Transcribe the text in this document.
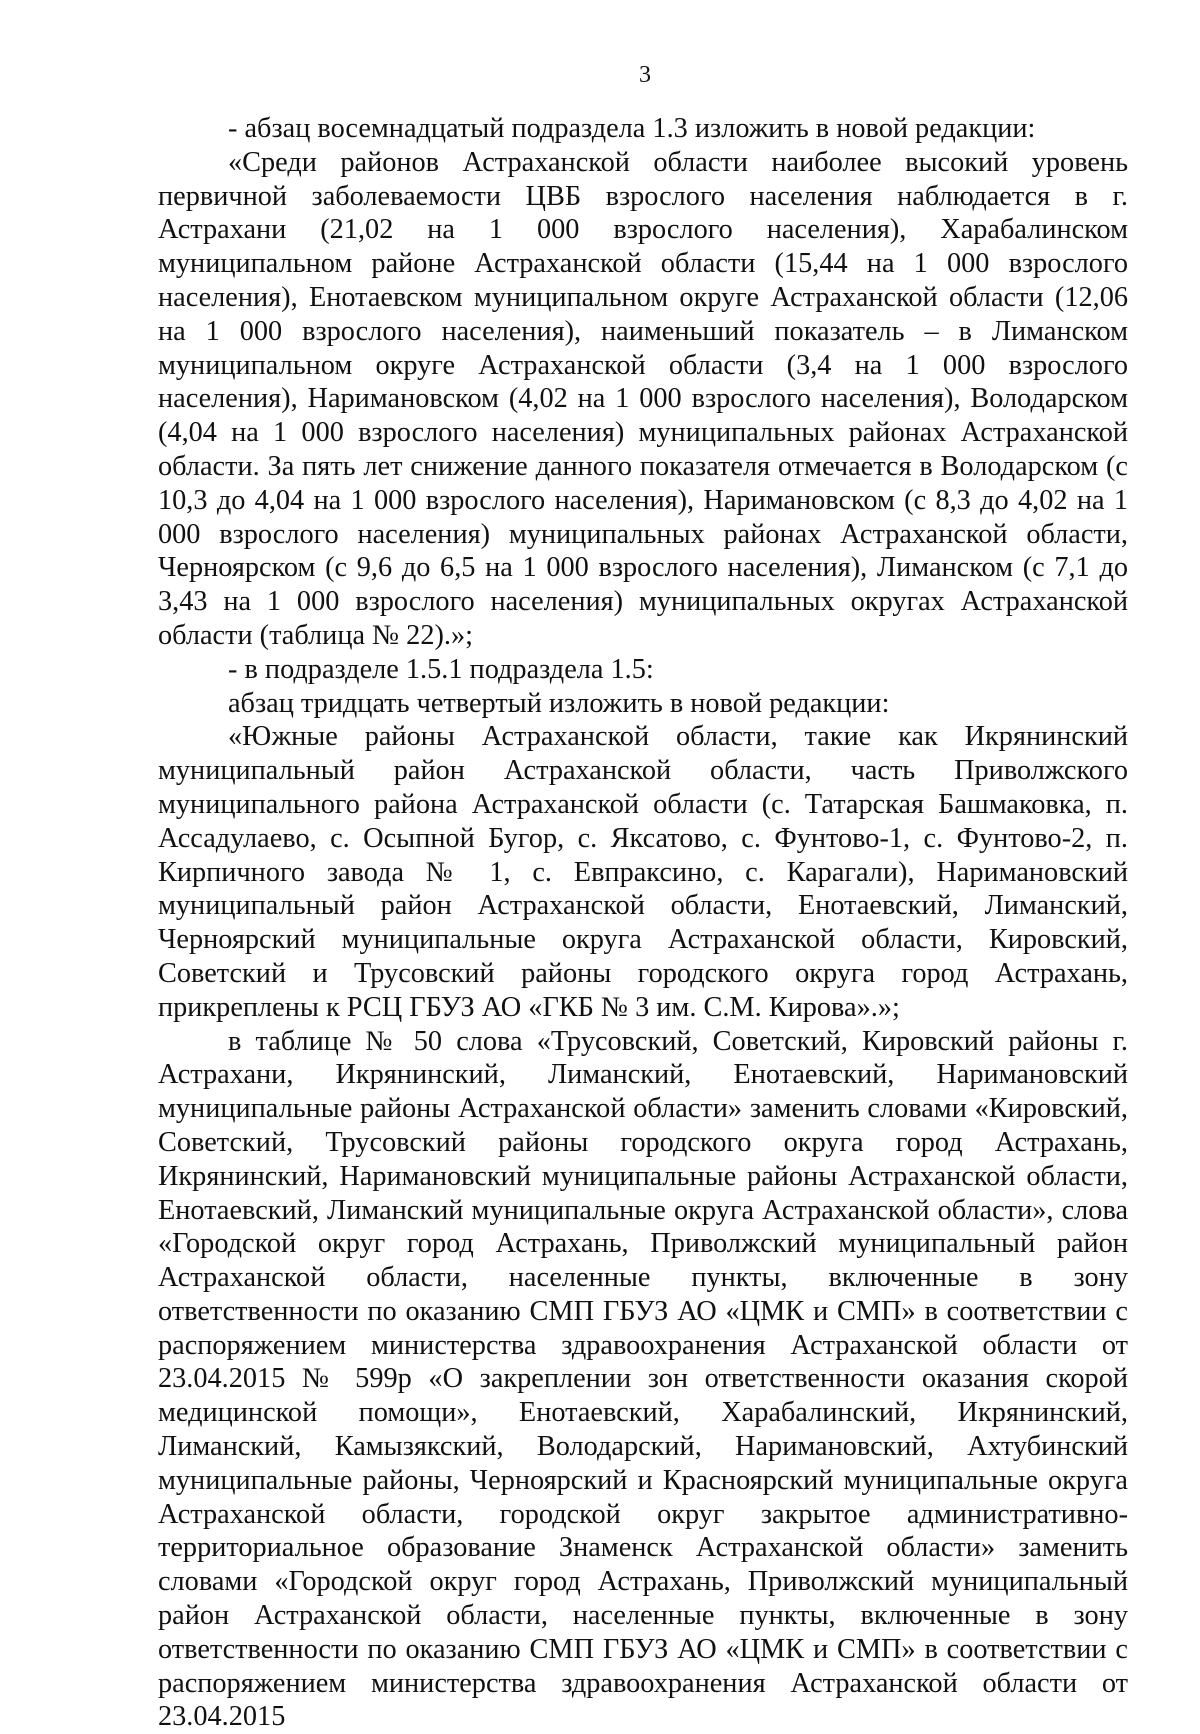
3

- абзац восемнадцатый подраздела 1.3 изложить в новой редакции:

«Среди районов Астраханской области наиболее высокий уровень первичной заболеваемости ЦВБ взрослого населения наблюдается в г. Астрахани (21,02 на 1 000 взрослого населения), Харабалинском муниципальном районе Астраханской области (15,44 на 1 000 взрослого населения), Енотаевском муниципальном округе Астраханской области (12,06 на 1 000 взрослого населения), наименьший показатель – в Лиманском муниципальном округе Астраханской области (3,4 на 1 000 взрослого населения), Наримановском (4,02 на 1 000 взрослого населения), Володарском (4,04 на 1 000 взрослого населения) муниципальных районах Астраханской области. За пять лет снижение данного показателя отмечается в Володарском (с 10,3 до 4,04 на 1 000 взрослого населения), Наримановском (с 8,3 до 4,02 на 1 000 взрослого населения) муниципальных районах Астраханской области, Черноярском (с 9,6 до 6,5 на 1 000 взрослого населения), Лиманском (с 7,1 до 3,43 на 1 000 взрослого населения) муниципальных округах Астраханской области (таблица № 22).»;

- в подразделе 1.5.1 подраздела 1.5:

абзац тридцать четвертый изложить в новой редакции:

«Южные районы Астраханской области, такие как Икрянинский муниципальный район Астраханской области, часть Приволжского муниципального района Астраханской области (с. Татарская Башмаковка, п. Ассадулаево, с. Осыпной Бугор, с. Яксатово, с. Фунтово-1, с. Фунтово-2, п. Кирпичного завода № 1, с. Евпраксино, с. Карагали), Наримановский муниципальный район Астраханской области, Енотаевский, Лиманский, Черноярский муниципальные округа Астраханской области, Кировский, Советский и Трусовский районы городского округа город Астрахань, прикреплены к РСЦ ГБУЗ АО «ГКБ № 3 им. С.М. Кирова».»;

в таблице № 50 слова «Трусовский, Советский, Кировский районы г. Астрахани, Икрянинский, Лиманский, Енотаевский, Наримановский муниципальные районы Астраханской области» заменить словами «Кировский, Советский, Трусовский районы городского округа город Астрахань, Икрянинский, Наримановский муниципальные районы Астраханской области, Енотаевский, Лиманский муниципальные округа Астраханской области», слова «Городской округ город Астрахань, Приволжский муниципальный район Астраханской области, населенные пункты, включенные в зону ответственности по оказанию СМП ГБУЗ АО «ЦМК и СМП» в соответствии с распоряжением министерства здравоохранения Астраханской области от 23.04.2015 № 599р «О закреплении зон ответственности оказания скорой медицинской помощи», Енотаевский, Харабалинский, Икрянинский, Лиманский, Камызякский, Володарский, Наримановский, Ахтубинский муниципальные районы, Черноярский и Красноярский муниципальные округа Астраханской области, городской округ закрытое административно-территориальное образование Знаменск Астраханской области» заменить словами «Городской округ город Астрахань, Приволжский муниципальный район Астраханской области, населенные пункты, включенные в зону ответственности по оказанию СМП ГБУЗ АО «ЦМК и СМП» в соответствии с распоряжением министерства здравоохранения Астраханской области от 23.04.2015
